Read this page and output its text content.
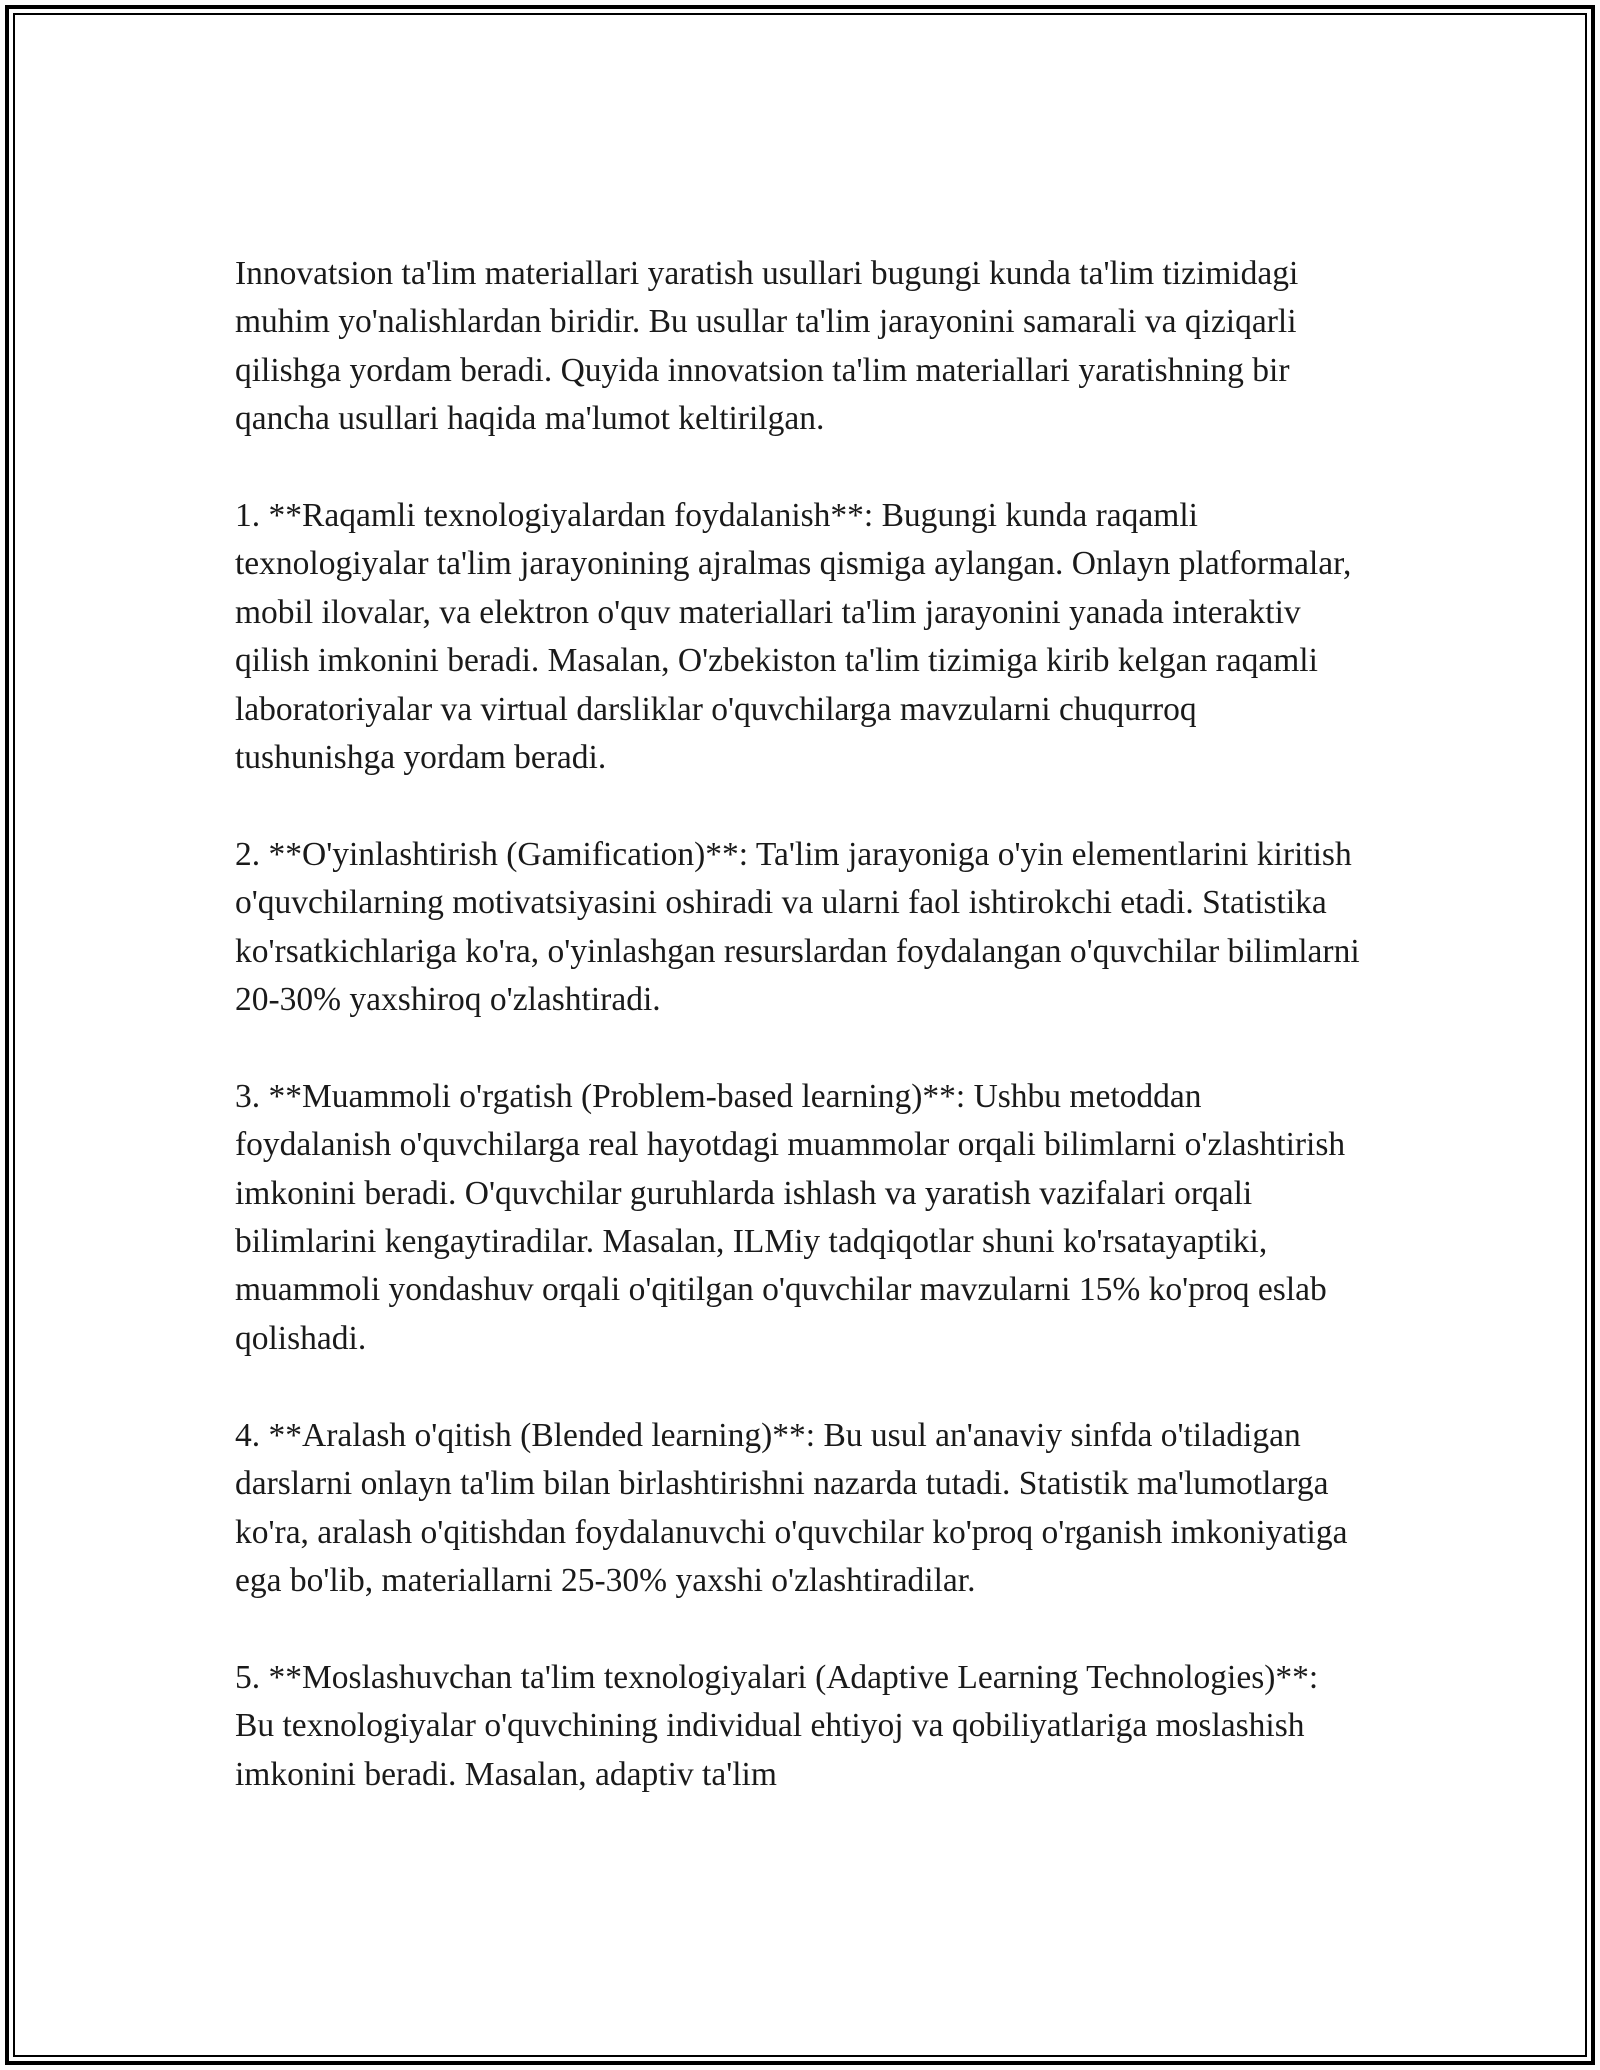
Innovatsion ta'lim materiallari yaratish usullari bugungi kunda ta'lim tizimidagi muhim yo'nalishlardan biridir. Bu usullar ta'lim jarayonini samarali va qiziqarli qilishga yordam beradi. Quyida innovatsion ta'lim materiallari yaratishning bir qancha usullari haqida ma'lumot keltirilgan.

1. **Raqamli texnologiyalardan foydalanish**: Bugungi kunda raqamli texnologiyalar ta'lim jarayonining ajralmas qismiga aylangan. Onlayn platformalar, mobil ilovalar, va elektron o'quv materiallari ta'lim jarayonini yanada interaktiv qilish imkonini beradi. Masalan, O'zbekiston ta'lim tizimiga kirib kelgan raqamli laboratoriyalar va virtual darsliklar o'quvchilarga mavzularni chuqurroq tushunishga yordam beradi.

2. **O'yinlashtirish (Gamification)**: Ta'lim jarayoniga o'yin elementlarini kiritish o'quvchilarning motivatsiyasini oshiradi va ularni faol ishtirokchi etadi. Statistika ko'rsatkichlariga ko'ra, o'yinlashgan resurslardan foydalangan o'quvchilar bilimlarni 20-30% yaxshiroq o'zlashtiradi.

3. **Muammoli o'rgatish (Problem-based learning)**: Ushbu metoddan foydalanish o'quvchilarga real hayotdagi muammolar orqali bilimlarni o'zlashtirish imkonini beradi. O'quvchilar guruhlarda ishlash va yaratish vazifalari orqali bilimlarini kengaytiradilar. Masalan, ILMiy tadqiqotlar shuni ko'rsatayaptiki, muammoli yondashuv orqali o'qitilgan o'quvchilar mavzularni 15% ko'proq eslab qolishadi.

4. **Aralash o'qitish (Blended learning)**: Bu usul an'anaviy sinfda o'tiladigan darslarni onlayn ta'lim bilan birlashtirishni nazarda tutadi. Statistik ma'lumotlarga ko'ra, aralash o'qitishdan foydalanuvchi o'quvchilar ko'proq o'rganish imkoniyatiga ega bo'lib, materiallarni 25-30% yaxshi o'zlashtiradilar.

5. **Moslashuvchan ta'lim texnologiyalari (Adaptive Learning Technologies)**: Bu texnologiyalar o'quvchining individual ehtiyoj va qobiliyatlariga moslashish imkonini beradi. Masalan, adaptiv ta'lim
